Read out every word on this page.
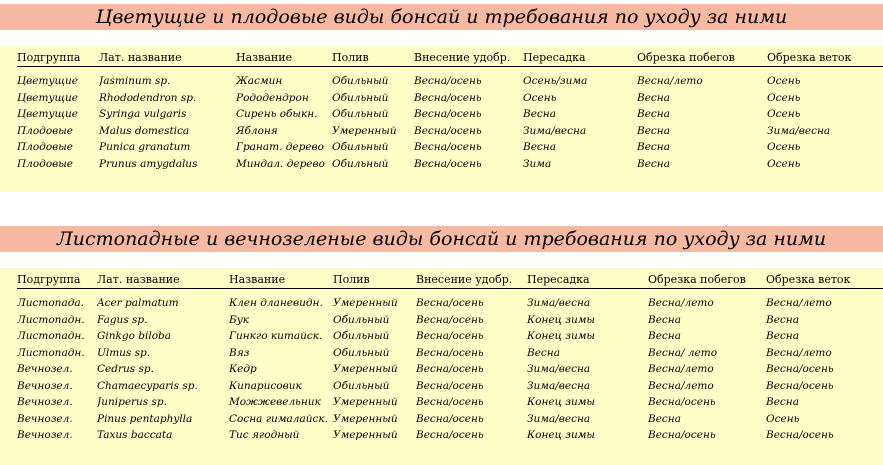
Цветущие и плодовые виды бонсай и требования по уходу за ними
Подгруппа	Лат. название	Название	Полив	Внесение удобр.	Пересадка	Обрезка побегов	Обрезка веток
Цветущие	Jasminum sp.	Жасмин	Обильный	Весна/осень	Осень/зима	Весна/лето	Осень
Цветущие	Rhododendron sp.	Рододендрон	Обильный	Весна/осень	Осень	Весна	Осень
Цветущие	Syringa vulgaris	Сирень обыкн.	Обильный	Весна/осень	Весна	Весна	Осень
Плодовые	Malus domestica	Яблоня	Умеренный	Весна/осень	Зима/весна	Весна	Зима/весна
Плодовые	Punica granatum	Гранат. дерево	Обильный	Весна/осень	Весна	Весна	Осень
Плодовые	Prunus amygdalus	Миндал. дерево	Обильный	Весна/осень	Зима	Весна	Осень
Листопадные и вечнозеленые виды бонсай и требования по уходу за ними
Подгруппа	Лат. название	Название	Полив	Внесение удобр.	Пересадка	Обрезка побегов	Обрезка веток
Листопада.	Acer palmatum	Клен дланевидн.	Умеренный	Весна/осень	Зима/весна	Весна/лето	Весна/лето
Листопадн.	Fagus sp.	Бук	Обильный	Весна/осень	Конец зимы	Весна	Весна
Листопадн.	Ginkgo biloba	Гинкго китайск.	Обильный	Весна/осень	Конец зимы	Весна	Весна
Листопадн.	Ulmus sp.	Вяз	Обильный	Весна/осень	Весна	Весна/ лето	Весна/лето
Вечнозел.	Cedrus sp.	Кедр	Умеренный	Весна/осень	Зима/весна	Весна/лето	Весна/осень
Вечнозел.	Chamaecyparis sp.	Кипарисовик	Обильный	Весна/осень	Зима/весна	Весна/лето	Весна/осень
Вечнозел.	Juniperus sp.	Можжевельник	Умеренный	Весна/осень	Конец зимы	Весна/осень	Весна
Вечнозел.	Pinus pentaphylla	Сосна гималайск.	Умеренный	Весна/осень	Зима/весна	Весна	Осень
Вечнозел.	Taxus baccata	Тис ягодный	Умеренный	Весна/осень	Конец зимы	Весна/осень	Весна/осень
